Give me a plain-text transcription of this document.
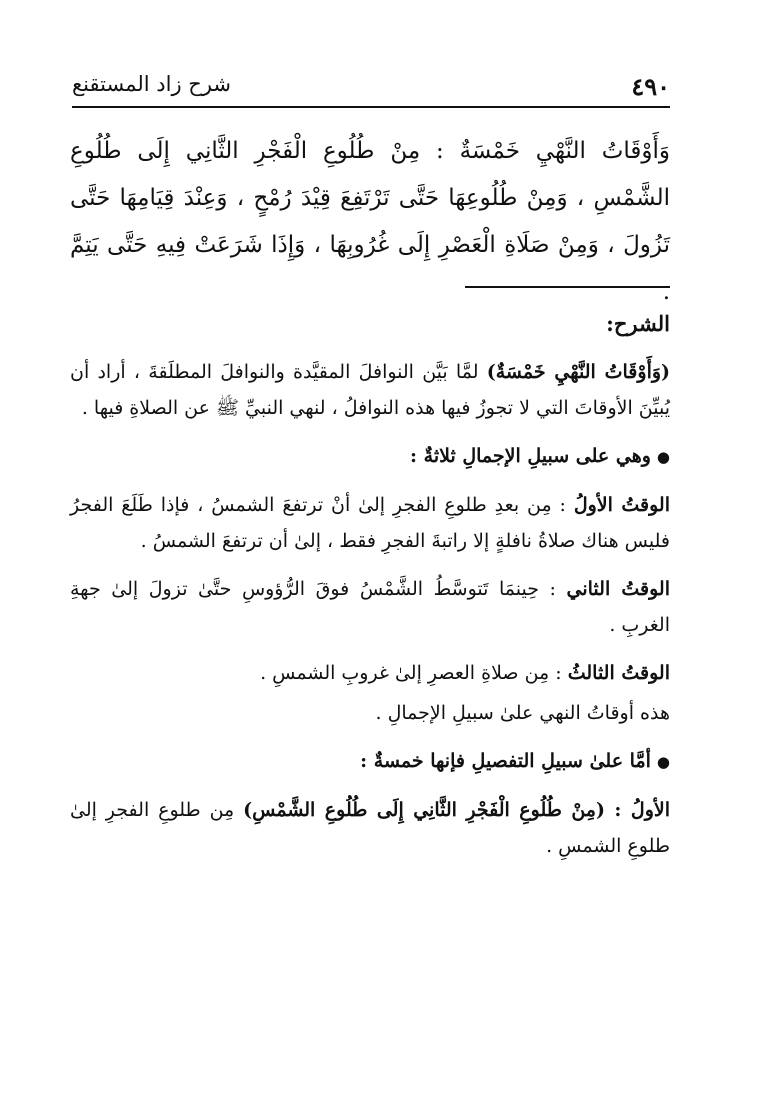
شرح زاد المستقنع	٤٩٠
وَأَوْقَاتُ النَّهْيِ خَمْسَةٌ : مِنْ طُلُوعِ الْفَجْرِ الثَّانِي إِلَى طُلُوعِ الشَّمْسِ ، وَمِنْ طُلُوعِهَا حَتَّى تَرْتَفِعَ قِيْدَ رُمْحٍ ، وَعِنْدَ قِيَامِهَا حَتَّى تَزُولَ ، وَمِنْ صَلَاةِ الْعَصْرِ إِلَى غُرُوبِهَا ، وَإِذَا شَرَعَتْ فِيهِ حَتَّى يَتِمَّ .

الشرح:

(وَأَوْقَاتُ النَّهْيِ خَمْسَةٌ) لمَّا بَيَّن النوافلَ المقيَّدة والنوافلَ المطلَقةَ ، أراد أن يُبيِّنَ الأوقاتَ التي لا تجوزُ فيها هذه النوافلُ ، لنهي النبيِّ ﷺ عن الصلاةِ فيها .

●وهي على سبيلِ الإجمالِ ثلاثةٌ :

الوقتُ الأولُ : مِن بعدِ طلوعِ الفجرِ إلىٰ أنْ ترتفعَ الشمسُ ، فإذا طَلَعَ الفجرُ فليس هناك صلاةُ نافلةٍ إلا راتبةَ الفجرِ فقط ، إلىٰ أن ترتفعَ الشمسُ .

الوقتُ الثاني : حِينمَا تَتوسَّطُ الشَّمْسُ فوقَ الرُّؤوسِ حتَّىٰ تزولَ إلىٰ جهةِ الغربِ .

الوقتُ الثالثُ : مِن صلاةِ العصرِ إلىٰ غروبِ الشمسِ .

هذه أوقاتُ النهي علىٰ سبيلِ الإجمالِ .

●أمَّا علىٰ سبيلِ التفصيلِ فإنها خمسةٌ :

الأولُ : (مِنْ طُلُوعِ الْفَجْرِ الثَّانِي إِلَى طُلُوعِ الشَّمْسِ) مِن طلوعِ الفجرِ إلىٰ طلوعِ الشمسِ .
